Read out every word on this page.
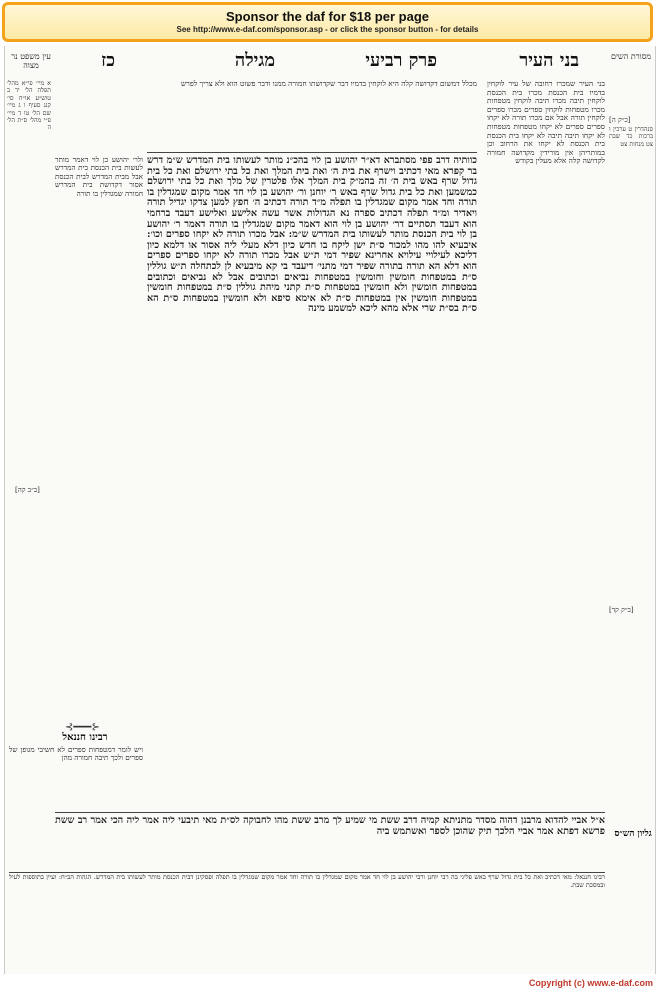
Sponsor the daf for $18 per page
See http://www.e-daf.com/sponsor.asp - or click the sponsor button - for details
בני העיר
פרק רביעי
מגילה
כז
עין משפט נר מצוה
מסורת השים
מכלל דמשום דקדושה קלה היא לוקחין בדמיו דבר שקדושתו חמורה ממנו ודבר פשוט הוא ולא צריך לפרש בני העיר שמכרו רחובה של עיר לוקחין בדמיו בית הכנסת מכרו בית הכנסת לוקחין תיבה מכרו תיבה לוקחין מטפחות מכרו מטפחות לוקחין ספרים מכרו ספרים לוקחין תורה אבל אם מכרו תורה לא יקחו ספרים ספרים לא יקחו מטפחות מטפחות לא יקחו תיבה תיבה לא יקחו בית הכנסת בית הכנסת לא יקחו את הרחוב וכן במותריהן אין מורידין מקדושה חמורה לקדושה קלה אלא מעלין בקודש
כוותיה דרב פפי מסתברא דא״ר יהושע בן לוי בהכ״נ מותר לעשותו בית המדרש ש״מ דרש בר קפרא מאי דכתיב וישרף את בית ה׳ ואת בית המלך ואת כל בתי ירושלם ואת כל בית גדול שרף באש בית ה׳ זה בהמ״ק בית המלך אלו פלטרין של מלך ואת כל בתי ירושלם כמשמען ואת כל בית גדול שרף באש ר׳ יוחנן ור׳ יהושע בן לוי חד אמר מקום שמגדלין בו תורה וחד אמר מקום שמגדלין בו תפלה מ״ד תורה דכתיב ה׳ חפץ למען צדקו יגדיל תורה ויאדיר ומ״ד תפלה דכתיב ספרה נא הגדולות אשר עשה אלישע ואלישע דעבד ברחמי הוא דעבד תסתיים דר׳ יהושע בן לוי הוא דאמר מקום שמגדלין בו תורה דאמר ר׳ יהושע בן לוי בית הכנסת מותר לעשותו בית המדרש ש״מ: אבל מכרו תורה לא יקחו ספרים וכו׳: איבעיא להו מהו למכור ס״ת ישן ליקח בו חדש כיון דלא מעלי ליה אסור או דלמא כיון דליכא לעילויי עילויא אחרינא שפיר דמי ת״ש אבל מכרו תורה לא יקחו ספרים ספרים הוא דלא הא תורה בתורה שפיר דמי מתני׳ דיעבד בי קא מיבעיא לן לכתחלה ת״ש גוללין ס״ת במטפחות חומשין וחומשין במטפחות נביאים וכתובים אבל לא נביאים וכתובים במטפחות חומשין ולא חומשין במטפחות ס״ת קתני מיהת גוללין ס״ת במטפחות חומשין במטפחות חומשין אין במטפחות ס״ת לא אימא סיפא ולא חומשין במטפחות ס״ת הא ס״ת בס״ת שרי אלא מהא ליכא למשמע מינה
ולר׳ יהושע בן לוי דאמר מותר לעשות בית הכנסת בית המדרש אבל מבית המדרש לבית הכנסת אסור דקדושת בית המדרש חמורה שמגדלין בו תורה
א מיי׳ פי״א מהל׳ תפלה הל׳ יד ב טוש״ע או״ח סי׳ קנג סעיף ו ג מיי׳ שם הל׳ טו ד מיי׳ פ״י מהל׳ ס״ת הל׳ ה	סנהדרין ט ערכין ו ברכות כד שבת צט מנחות צט
⊰━━━⊱
רבינו חננאל
ויש לומר דמטפחות ספרים לא חשיבי מגופן של ספרים ולכך תיבה חמורה מהן
[כ״ק ה]
[ב״ב קה]
[ב״ק קד]
גליון הש״ס
א״ל אביי להדוא מרבנן דהוה מסדר מתניתא קמיה דרב ששת מי שמיע לך מרב ששת מהו לחבוקה לס״ת מאי תיבעי ליה אמר ליה הכי אמר רב ששת פרשא דפתא אמר אביי הלכך תיק שהוכן לספר ואשתמש ביה
רבינו חננאל: מאי דכתיב ואת כל בית גדול שרף באש פליגי בה רבי יוחנן ורבי יהושע בן לוי חד אמר מקום שמגדלין בו תורה וחד אמר מקום שמגדלין בו תפלה ופסקינן דבית הכנסת מותר לעשותו בית המדרש. הגהות הב״ח: ועיין בתוספות לעיל ובמסכת שבת.
Copyright (c) www.e-daf.com
